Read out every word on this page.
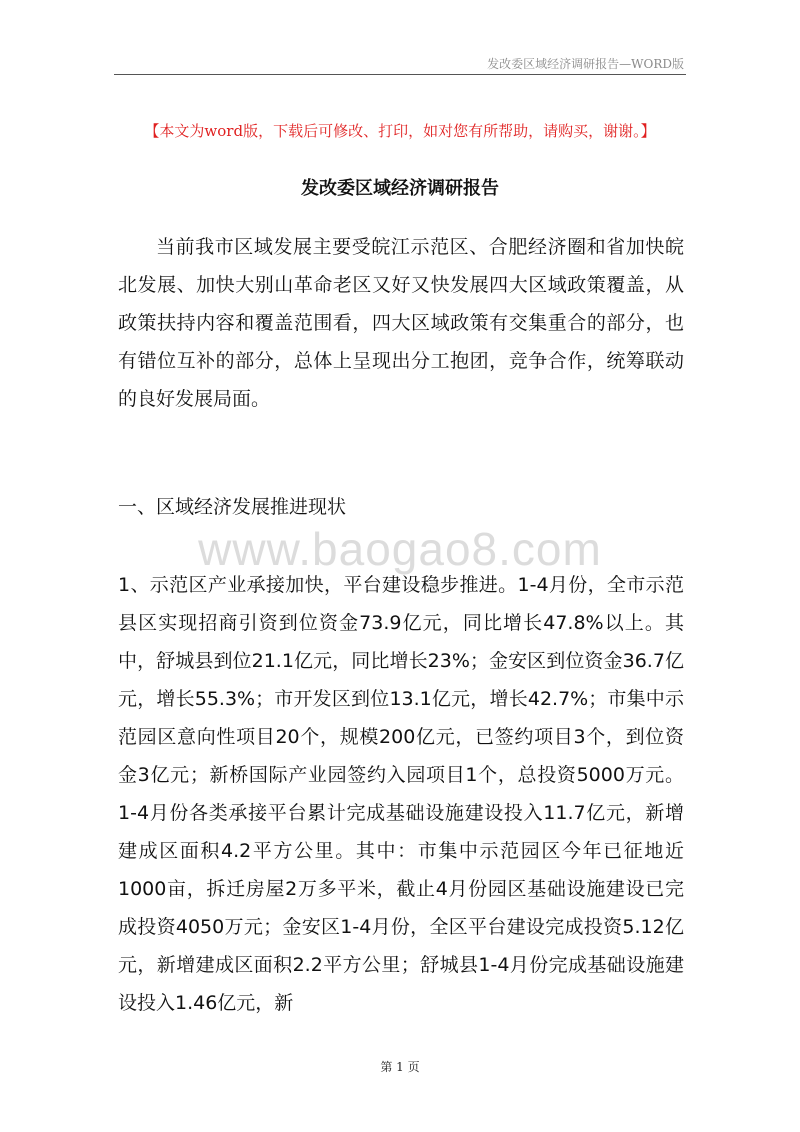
发改委区域经济调研报告—WORD版
【本文为word版，下载后可修改、打印，如对您有所帮助，请购买，谢谢。】
发改委区域经济调研报告

当前我市区域发展主要受皖江示范区、合肥经济圈和省加快皖北发展、加快大别山革命老区又好又快发展四大区域政策覆盖，从政策扶持内容和覆盖范围看，四大区域政策有交集重合的部分，也有错位互补的部分，总体上呈现出分工抱团，竞争合作，统筹联动的良好发展局面。

一、区域经济发展推进现状
www.baogao8.com

1、示范区产业承接加快，平台建设稳步推进。1-4月份，全市示范县区实现招商引资到位资金73.9亿元，同比增长47.8%以上。其中，舒城县到位21.1亿元，同比增长23%；金安区到位资金36.7亿元，增长55.3%；市开发区到位13.1亿元，增长42.7%；市集中示范园区意向性项目20个，规模200亿元，已签约项目3个，到位资金3亿元；新桥国际产业园签约入园项目1个，总投资5000万元。1-4月份各类承接平台累计完成基础设施建设投入11.7亿元，新增建成区面积4.2平方公里。其中：市集中示范园区今年已征地近1000亩，拆迁房屋2万多平米，截止4月份园区基础设施建设已完成投资4050万元；金安区1-4月份，全区平台建设完成投资5.12亿元，新增建成区面积2.2平方公里；舒城县1-4月份完成基础设施建设投入1.46亿元，新

第 1 页
